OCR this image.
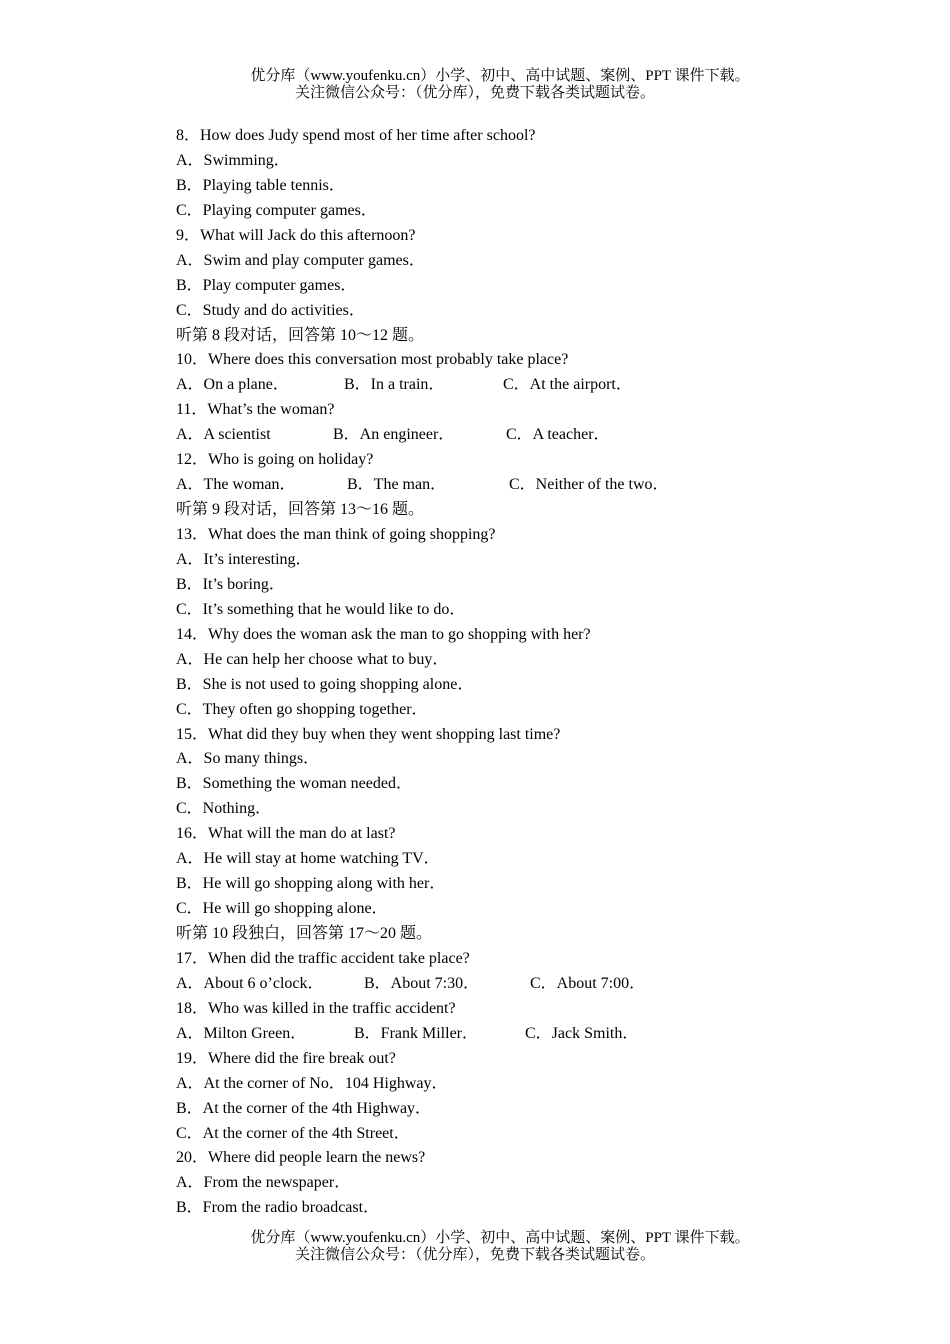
优分库（www.youfenku.cn）小学、初中、高中试题、案例、PPT 课件下载。
关注微信公众号：（优分库），免费下载各类试题试卷。
8．How does Judy spend most of her time after school?
A．Swimming．
B．Playing table tennis．
C．Playing computer games．
9．What will Jack do this afternoon?
A．Swim and play computer games．
B．Play computer games．
C．Study and do activities．
听第 8 段对话，回答第 10～12 题。
10．Where does this conversation most probably take place?
A．On a plane．	B．In a train．	C．At the airport．
11．What’s the woman?
A．A scientist	B．An engineer．	C．A teacher．
12．Who is going on holiday?
A．The woman．	B．The man．	C．Neither of the two．
听第 9 段对话，回答第 13～16 题。
13．What does the man think of going shopping?
A．It’s interesting．
B．It’s boring．
C．It’s something that he would like to do．
14．Why does the woman ask the man to go shopping with her?
A．He can help her choose what to buy．
B．She is not used to going shopping alone．
C．They often go shopping together．
15．What did they buy when they went shopping last time?
A．So many things．
B．Something the woman needed．
C．Nothing．
16．What will the man do at last?
A．He will stay at home watching TV．
B．He will go shopping along with her．
C．He will go shopping alone．
听第 10 段独白，回答第 17～20 题。
17．When did the traffic accident take place?
A．About 6 o’clock．	B．About 7:30．	C．About 7:00．
18．Who was killed in the traffic accident?
A．Milton Green．	B．Frank Miller．	C．Jack Smith．
19．Where did the fire break out?
A．At the corner of No．104 Highway．
B．At the corner of the 4th Highway．
C．At the corner of the 4th Street．
20．Where did people learn the news?
A．From the newspaper．
B．From the radio broadcast．
优分库（www.youfenku.cn）小学、初中、高中试题、案例、PPT 课件下载。
关注微信公众号：（优分库），免费下载各类试题试卷。
